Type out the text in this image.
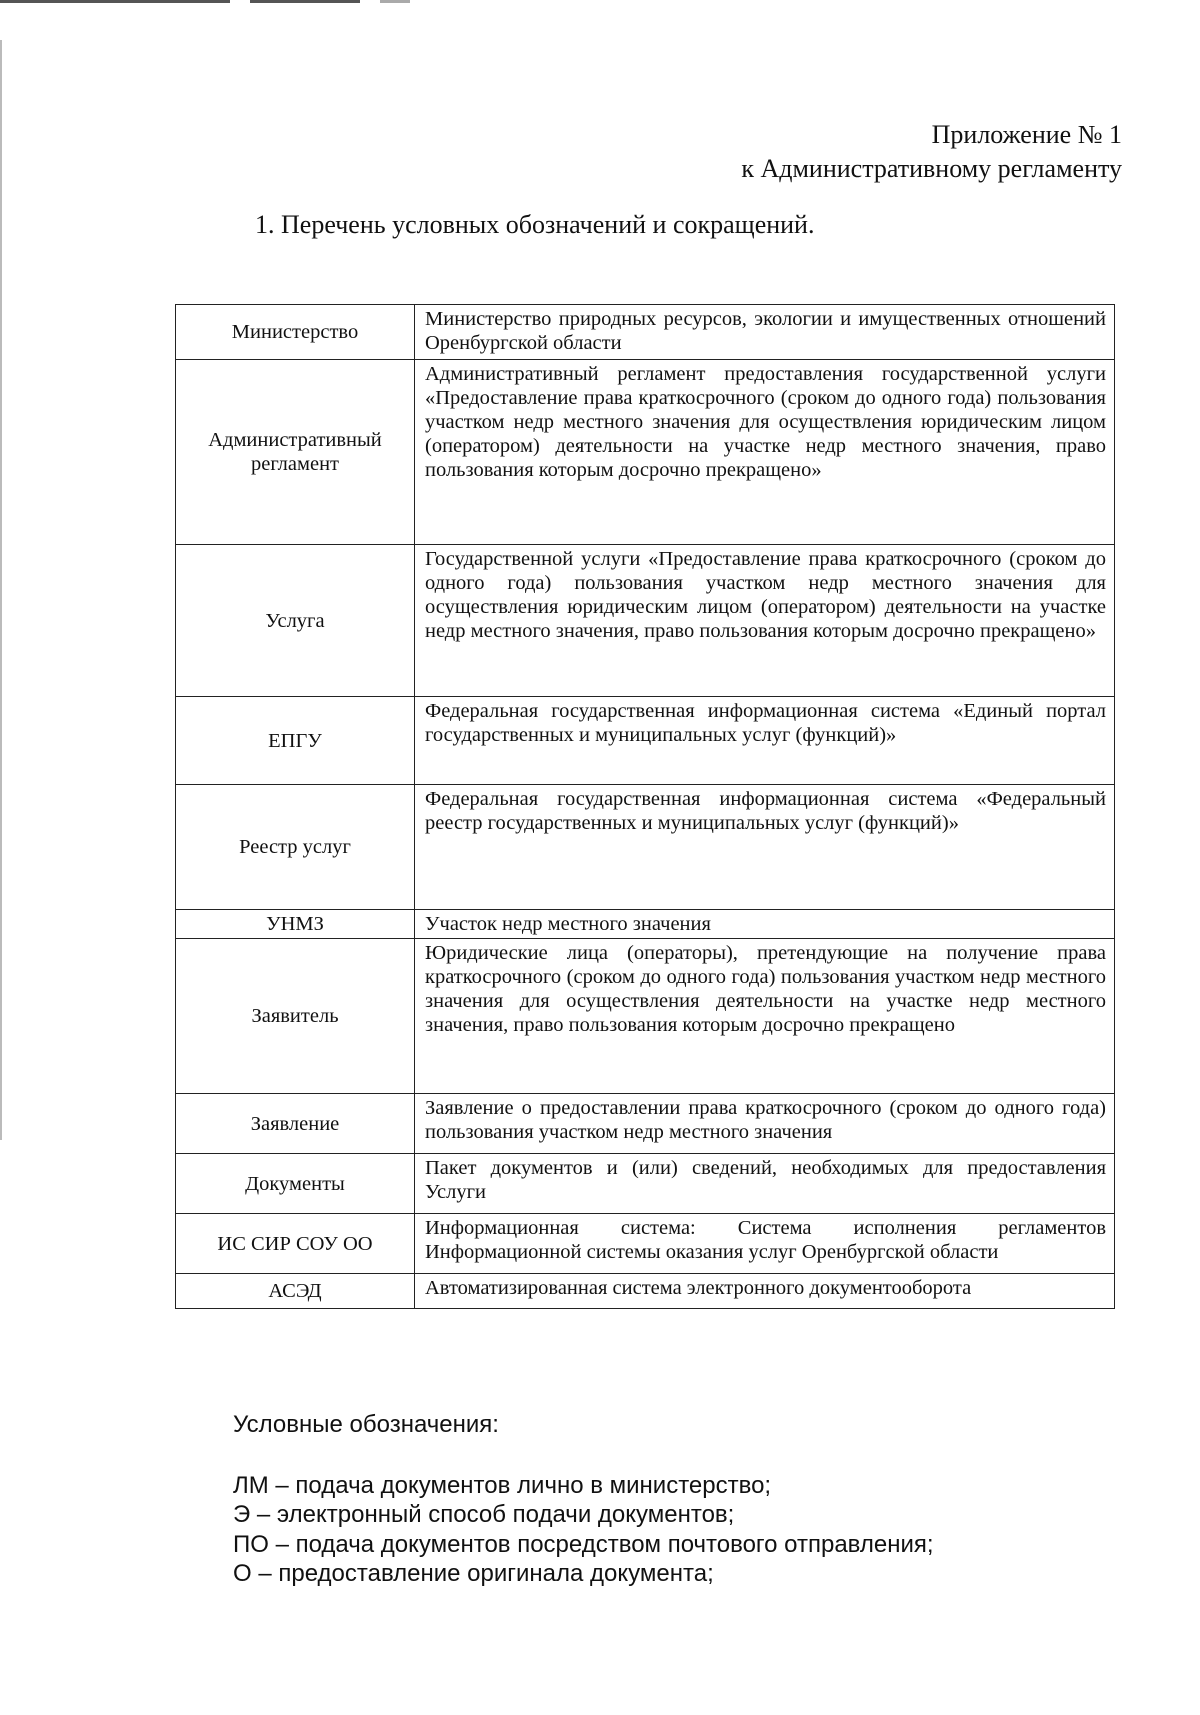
Приложение № 1
к Административному регламенту
1. Перечень условных обозначений и сокращений.
Министерство	Министерство природных ресурсов, экологии и имущественных отношений Оренбургской области
Административный регламент	Административный регламент предоставления государственной услуги «Предоставление права краткосрочного (сроком до одного года) пользования участком недр местного значения для осуществления юридическим лицом (оператором) деятельности на участке недр местного значения, право пользования которым досрочно прекращено»
Услуга	Государственной услуги «Предоставление права краткосрочного (сроком до одного года) пользования участком недр местного значения для осуществления юридическим лицом (оператором) деятельности на участке недр местного значения, право пользования которым досрочно прекращено»
ЕПГУ	Федеральная государственная информационная система «Единый портал государственных и муниципальных услуг (функций)»
Реестр услуг	Федеральная государственная информационная система «Федеральный реестр государственных и муниципальных услуг (функций)»
УНМЗ	Участок недр местного значения
Заявитель	Юридические лица (операторы), претендующие на получение права краткосрочного (сроком до одного года) пользования участком недр местного значения для осуществления деятельности на участке недр местного значения, право пользования которым досрочно прекращено
Заявление	Заявление о предоставлении права краткосрочного (сроком до одного года) пользования участком недр местного значения
Документы	Пакет документов и (или) сведений, необходимых для предоставления Услуги
ИС СИР СОУ ОО	Информационная система: Система исполнения регламентов Информационной системы оказания услуг Оренбургской области
АСЭД	Автоматизированная система электронного документооборота
Условные обозначения:
ЛМ – подача документов лично в министерство;
Э – электронный способ подачи документов;
ПО – подача документов посредством почтового отправления;
О – предоставление оригинала документа;
